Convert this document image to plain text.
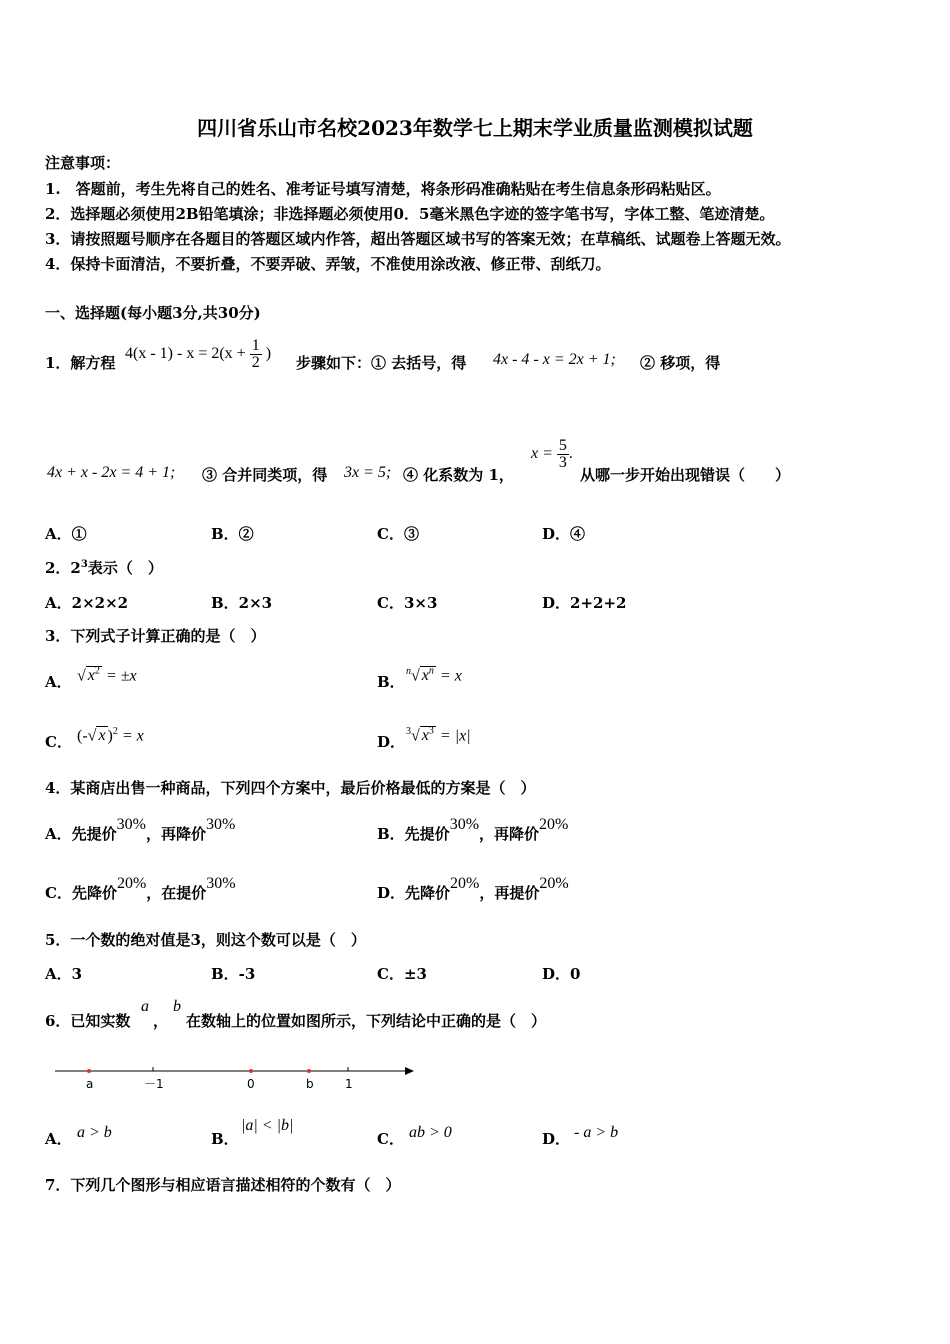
四川省乐山市名校2023年数学七上期末学业质量监测模拟试题
注意事项：
1.　答题前，考生先将自己的姓名、准考证号填写清楚，将条形码准确粘贴在考生信息条形码粘贴区。
2．选择题必须使用2B铅笔填涂；非选择题必须使用0．5毫米黑色字迹的签字笔书写，字体工整、笔迹清楚。
3．请按照题号顺序在各题目的答题区域内作答，超出答题区域书写的答案无效；在草稿纸、试题卷上答题无效。
4．保持卡面清洁，不要折叠，不要弄破、弄皱，不准使用涂改液、修正带、刮纸刀。
一、选择题(每小题3分,共30分)
1．解方程
$4(x - 1) - x = 2(x + \frac{1}{2}$ )
步骤如下：① 去括号，得 4x - 4 - x = 2x + 1; ② 移项，得
4x + x - 2x = 4 + 1; ③ 合并同类项，得 3x = 5; ④ 化系数为 1，
$x = \frac{5}{3}$ .
从哪一步开始出现错误（　　）
A．①	B．②	C．③	D．④
2．$2^3$表示（　）
A．2×2×2	B．2×3	C．3×3	D．2+2+2
3．下列式子计算正确的是（　）
A． √ $x^2 = \pm x$	B．
$^n$√ $x^n = x$
C． (-√ x )$^2$ = x	D．
$^3$√ $x^3 = |x|$
4．某商店出售一种商品，下列四个方案中，最后价格最低的方案是（　）
A．先提价30%，再降价30%
B．先提价30%，再降价20%
C．先降价20%，在提价30%
D．先降价20%，再提价20%
5．一个数的绝对值是3，则这个数可以是（　）
A．3	B．-3	C．±3	D．0
6．已知实数
a
，
b
在数轴上的位置如图所示，下列结论中正确的是（　）
a	－1	0	b	1
A． a > b	B．
|a| < |b|
C． ab > 0	D． - a > b
7．下列几个图形与相应语言描述相符的个数有（　）
